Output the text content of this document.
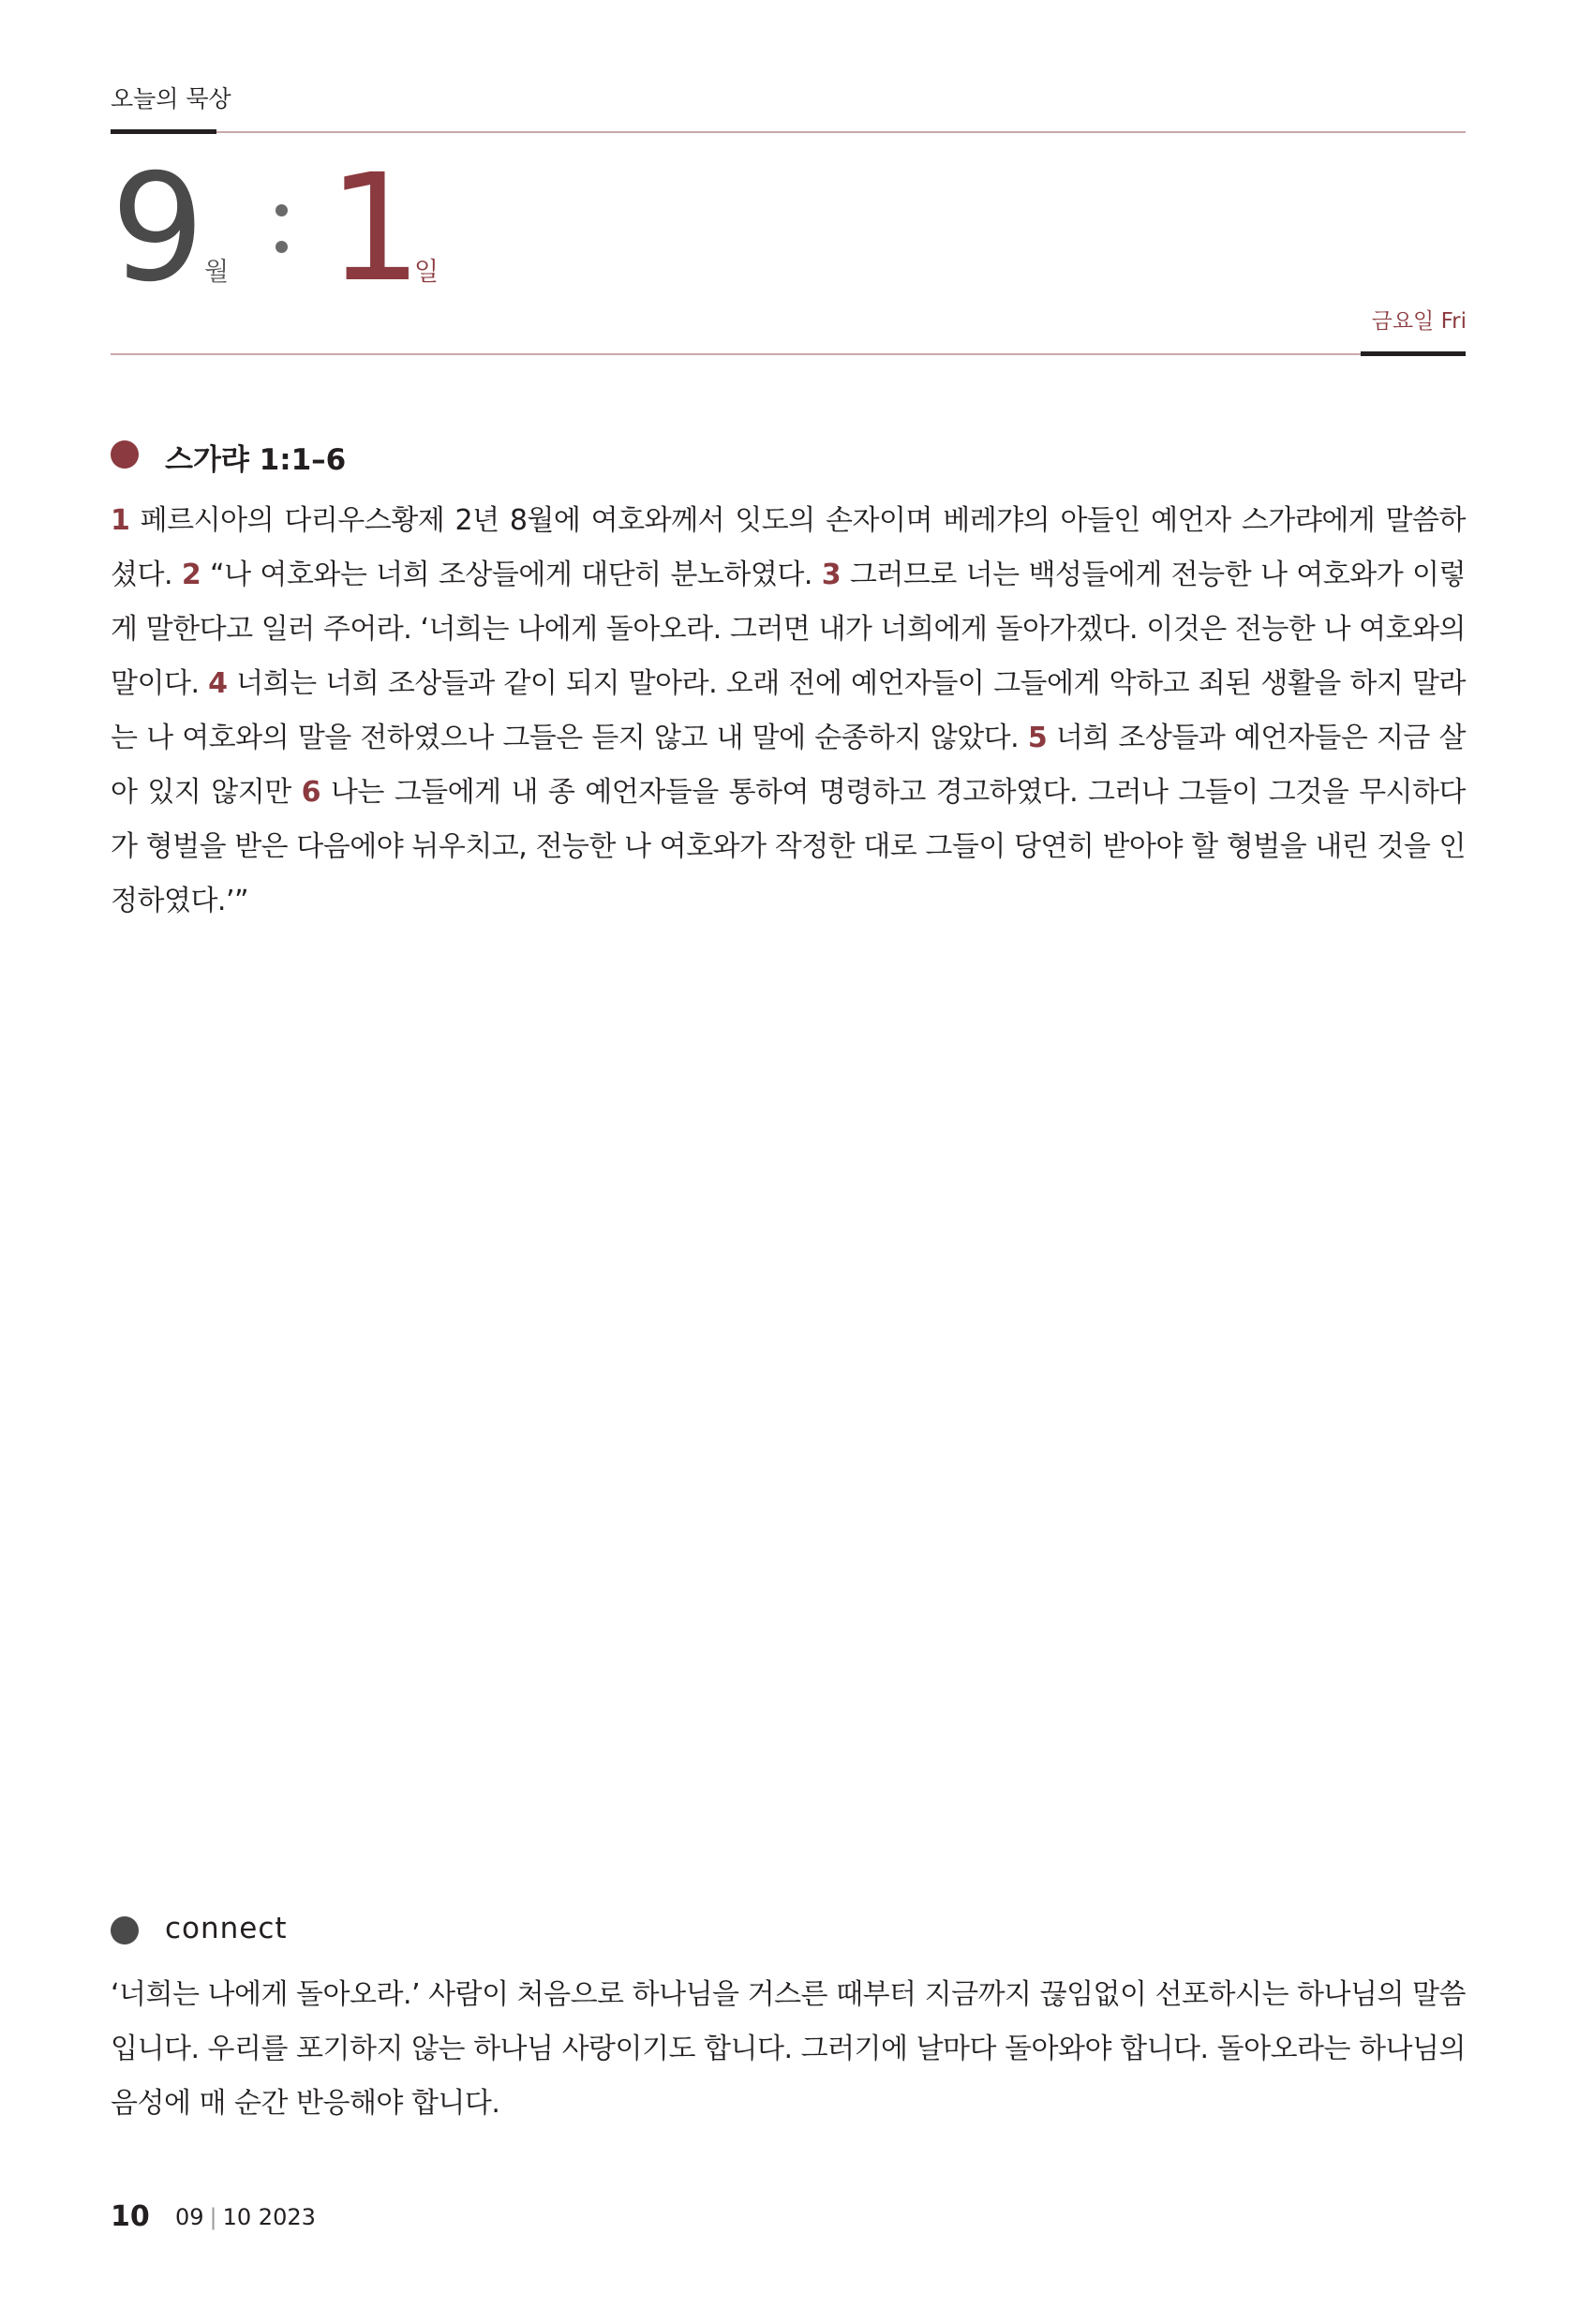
오늘의 묵상
9 월 1
일
금요일 Fri
스가랴 1:1–6
1 페르시아의 다리우스황제 2년 8월에 여호와께서 잇도의 손자이며 베레갸의 아들인 예언자 스가랴에게 말씀하셨다. 2 “나 여호와는 너희 조상들에게 대단히 분노하였다. 3 그러므로 너는 백성들에게 전능한 나 여호와가 이렇게 말한다고 일러 주어라. ‘너희는 나에게 돌아오라. 그러면 내가 너희에게 돌아가겠다. 이것은 전능한 나 여호와의 말이다. 4 너희는 너희 조상들과 같이 되지 말아라. 오래 전에 예언자들이 그들에게 악하고 죄된 생활을 하지 말라는 나 여호와의 말을 전하였으나 그들은 듣지 않고 내 말에 순종하지 않았다. 5 너희 조상들과 예언자들은 지금 살아 있지 않지만 6 나는 그들에게 내 종 예언자들을 통하여 명령하고 경고하였다. 그러나 그들이 그것을 무시하다가 형벌을 받은 다음에야 뉘우치고, 전능한 나 여호와가 작정한 대로 그들이 당연히 받아야 할 형벌을 내린 것을 인정하였다.’”
connect
‘너희는 나에게 돌아오라.’ 사람이 처음으로 하나님을 거스른 때부터 지금까지 끊임없이 선포하시는 하나님의 말씀입니다. 우리를 포기하지 않는 하나님 사랑이기도 합니다. 그러기에 날마다 돌아와야 합니다. 돌아오라는 하나님의 음성에 매 순간 반응해야 합니다.
10 09 | 10 2023
